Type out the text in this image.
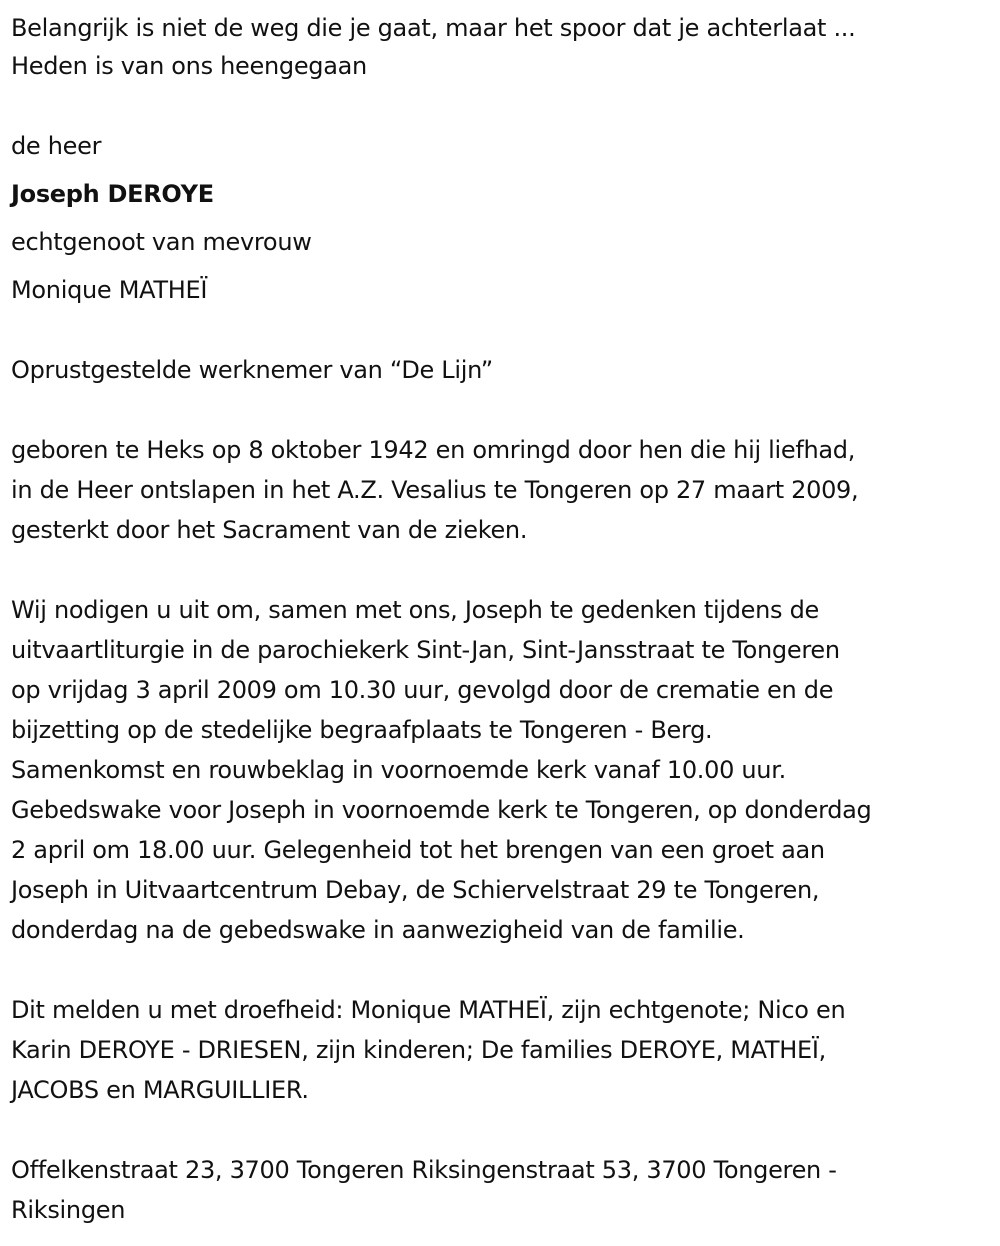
Belangrijk is niet de weg die je gaat, maar het spoor dat je achterlaat ...
Heden is van ons heengegaan
de heer
Joseph DEROYE
echtgenoot van mevrouw
Monique MATHEÏ
Oprustgestelde werknemer van “De Lijn”
geboren te Heks op 8 oktober 1942 en omringd door hen die hij liefhad,
in de Heer ontslapen in het A.Z. Vesalius te Tongeren op 27 maart 2009,
gesterkt door het Sacrament van de zieken.
Wij nodigen u uit om, samen met ons, Joseph te gedenken tijdens de
uitvaartliturgie in de parochiekerk Sint-Jan, Sint-Jansstraat te Tongeren
op vrijdag 3 april 2009 om 10.30 uur, gevolgd door de crematie en de
bijzetting op de stedelijke begraafplaats te Tongeren - Berg.
Samenkomst en rouwbeklag in voornoemde kerk vanaf 10.00 uur.
Gebedswake voor Joseph in voornoemde kerk te Tongeren, op donderdag
2 april om 18.00 uur. Gelegenheid tot het brengen van een groet aan
Joseph in Uitvaartcentrum Debay, de Schiervelstraat 29 te Tongeren,
donderdag na de gebedswake in aanwezigheid van de familie.
Dit melden u met droefheid: Monique MATHEÏ, zijn echtgenote; Nico en
Karin DEROYE - DRIESEN, zijn kinderen; De families DEROYE, MATHEÏ,
JACOBS en MARGUILLIER.
Offelkenstraat 23, 3700 Tongeren Riksingenstraat 53, 3700 Tongeren -
Riksingen
